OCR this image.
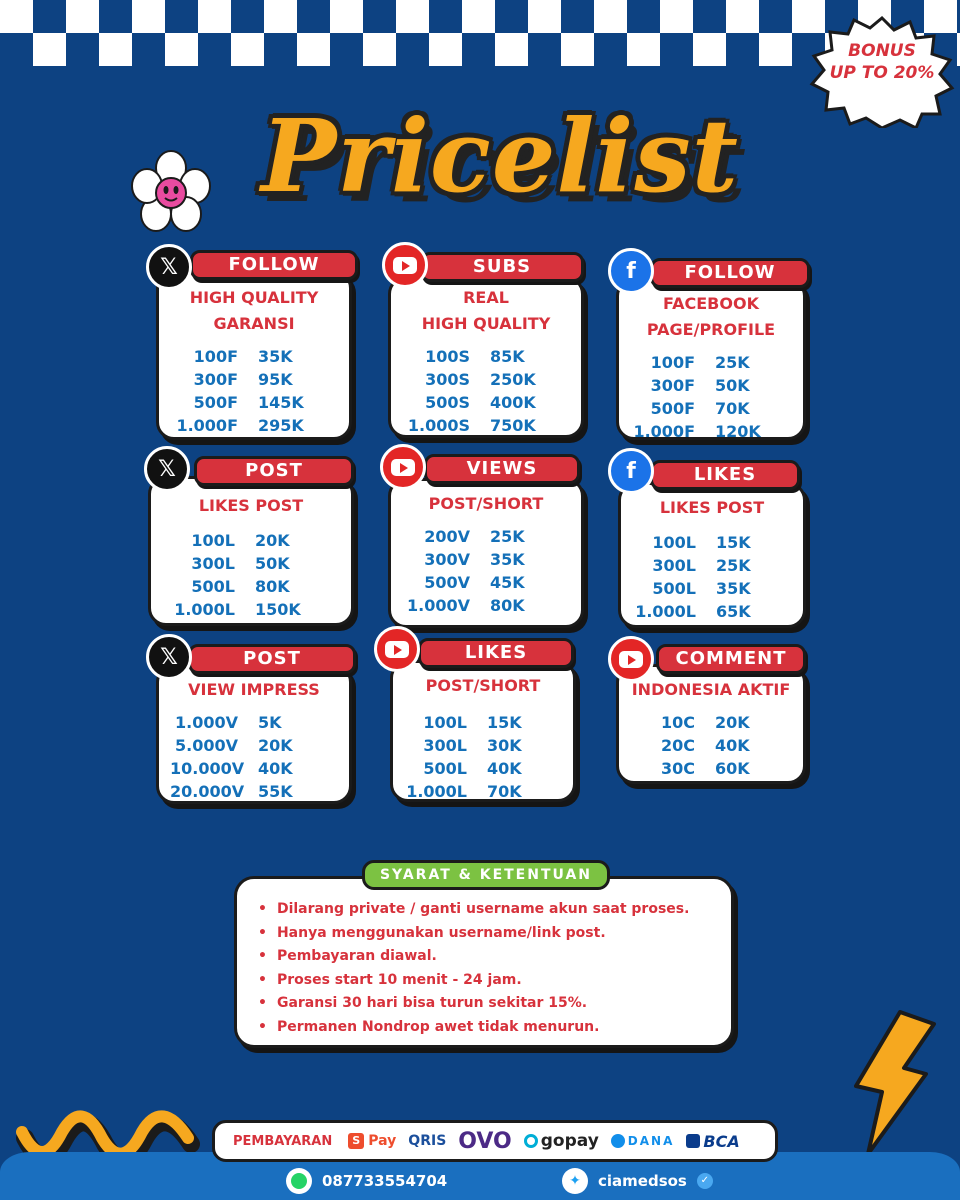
BONUS
UP TO 20%
Pricelist
HIGH QUALITY
GARANSI
100F	35K
300F	95K
500F	145K
1.000F	295K
FOLLOW
𝕏
REAL
HIGH QUALITY
100S	85K
300S	250K
500S	400K
1.000S	750K
SUBS
FACEBOOK
PAGE/PROFILE
100F	25K
300F	50K
500F	70K
1.000F	120K
FOLLOW
f
LIKES POST
100L	20K
300L	50K
500L	80K
1.000L	150K
POST
𝕏
POST/SHORT
200V	25K
300V	35K
500V	45K
1.000V	80K
VIEWS
LIKES POST
100L	15K
300L	25K
500L	35K
1.000L	65K
LIKES
f
VIEW IMPRESS
1.000V	5K
5.000V	20K
10.000V 40K
20.000V 55K
POST
𝕏
POST/SHORT
100L	15K
300L	30K
500L	40K
1.000L	70K
LIKES
INDONESIA AKTIF
10C	20K
20C	40K
30C	60K
COMMENT
SYARAT & KETENTUAN
• Dilarang private / ganti username akun saat proses.
• Hanya menggunakan username/link post.
• Pembayaran diawal.
• Proses start 10 menit - 24 jam.
• Garansi 30 hari bisa turun sekitar 15%.
• Permanen Nondrop awet tidak menurun.
PEMBAYARAN	S Pay QRIS OVO gopay DANA BCA
087733554704	✦	ciamedsos	✓
